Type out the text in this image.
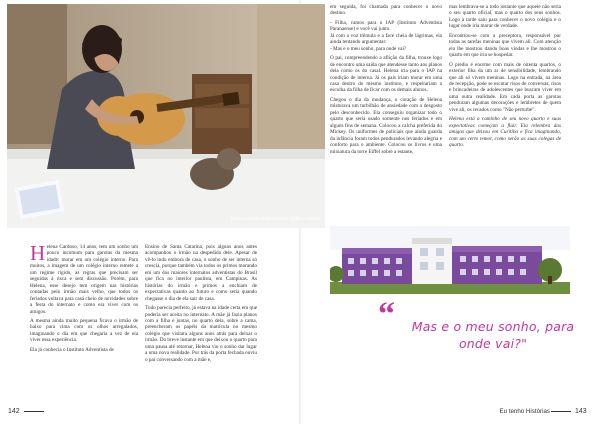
Em seu quarto tentando tocar violão e Mickey

Helena Cardoso, 14 anos, tem um sonho um pouco incomum para garotas da mesma idade: morar em um colégio interno. Para muitos, a imagem de um colégio interno remete a um regime rígido, as regras que precisam ser seguidas à risca e sem discussão. Porém, para Helena, esse desejo tem origem nas histórias contadas pelo irmão mais velho, que todos os feriados voltava para casá cheio de novidades sobre a festa do internato e como era viver com os amigos.

A mesma ainda muito pequena ficava o irmão de baixo para cima com os olhos arregalados, imaginando o dia em que chegaria a vez de ela viver essa experiência.

Ela já conhecia o Instituto Adventista de

Ensino de Santa Catarina, pois alguns anos antes acompanhou o irmão na despedida dele. Apesar de vê-lo indo embora de casa, o sonho de ser interna só crescia, porque também via todos os primos morando em um dos maiores internatos adventistas do Brasil que fica no interior paulista, em Campinas. As histórias do irmão e primos a enchiam de expectativas quanto ao futuro e como seria quando chegasse o dia de ela sair de casa.

Tudo parecia perfeito, já estava na idade certa em que poderia ser aceita no internato. A mãe já fazia planos com a filha e juntas, no quarto dela, sobre a cama, preencheram os papéis da matrícula no mesmo colégio que visitara alguns anos atrás para deixar o irmão. Do breve instante em que deixou o quarto para uma pausa até retornar, Helena viu o sonho dar lugar a uma nova realidade. Por trás da porta fechada ouviu o pai conversando com a mãe e,

em seguida, foi chamada para conhecer o novo destino.

- Filha, vamos para o IAP (Instituto Adventista Paranaense) e você vai junto.

Já com a voz trêmula e a face cheia de lágrimas, ela ainda tentando argumentar:

- Mas e o meu sonho, para onde vai?

O pai, compreendendo a aflição da filha, trouxe logo de encontro uma saída que atendesse tanto aos planos dela como os do casal. Helena iria para o IAP na condição de interna. Já os pais iriam morar em uma casa dentro do mesmo instituto, e respeitariam a escolha da filha de ficar com os demais alunos.

Chegou o dia da mudança, o coração de Helena misturava um turbilhão de ansiedade com o desgosto pelo desconhecido. Ela conseguiu organizar todo o quarto que seria usado somente nos feriados e em alguns fins de semana. Colocou a calcha preferida do Mickey. Os uniformes de policiais que ainda guarda da infância foram todos pendurados levando alegria e conforto para o ambiente. Colocou os livros e uma miniatura da torre Eiffel sobre a estante,

mas lembrava-se a todo instante que aquele não seria o seu quarto oficial, mas o quarto dos seus sonhos. Logo à tarde saiu para conhecer o novo colégio e o lugar onde iria morar de verdade.

Encontrou-se com a preceptora, responsável por todas as tarefas meninas que vivem ali. Com atenção ela lhe mostrou dando boas vindas e lhe mostrou o quarto em que iria se hospedar.

O prédio é enorme com mais de oitenta quartos, o exterior fiha da um ar de sensibilidade, lembrando que ali só vivem meninas. Logo na entrada, na área de recepção, pode se escutar risos de conversas, risos e brincadeiras de adolescentes que buscam viver em uma outra realidade. Em cada porta as garotas penduram algumas decorações e lembretes de quem vive ali, os recados como "Não perturbe".

Helena está a caminho de seu novo quarto e suas expectativas começam a fluir. Ela relembra das amigas que deixou em Curitiba e fica imaginando, com um certo temor, como serão as suas colegas de quarto.

“ Mas e o meu sonho, para onde vai?"
142	Eu tenho Histórias	143
